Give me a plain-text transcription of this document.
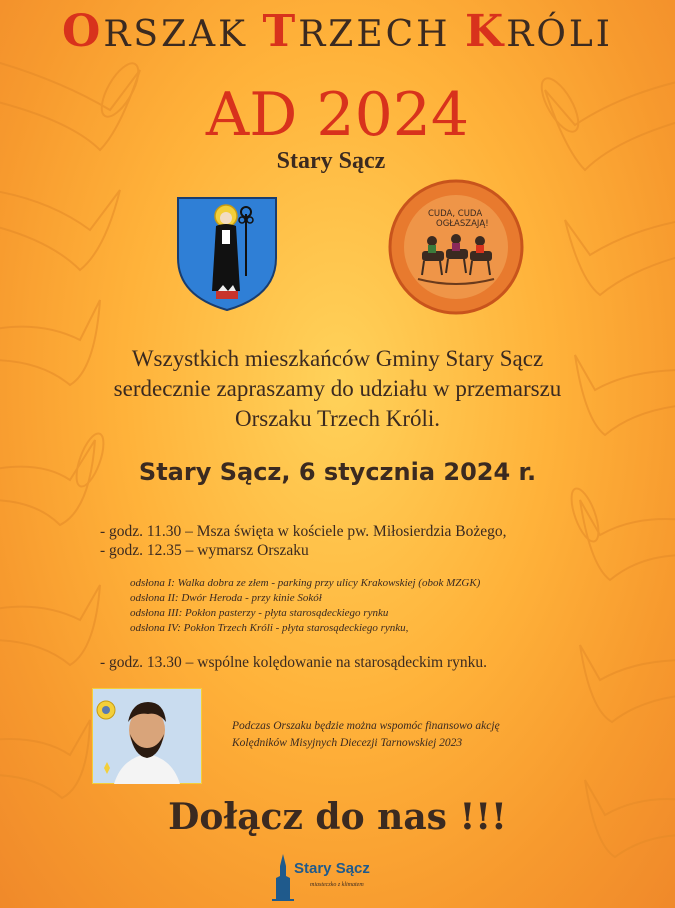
ORSZAK TRZECH KRÓLI
AD 2024
Stary Sącz
CUDA, CUDA
OGŁASZAJĄ!
Wszystkich mieszkańców Gminy Stary Sącz
serdecznie zapraszamy do udziału w przemarszu
Orszaku Trzech Króli.
Stary Sącz, 6 stycznia 2024 r.
- godz. 11.30 – Msza święta w kościele pw. Miłosierdzia Bożego,
- godz. 12.35 – wymarsz Orszaku
odsłona I: Walka dobra ze złem - parking przy ulicy Krakowskiej (obok MZGK)
odsłona II: Dwór Heroda - przy kinie Sokół
odsłona III: Pokłon pasterzy - płyta starosądeckiego rynku
odsłona IV: Pokłon Trzech Króli - płyta starosądeckiego rynku,
- godz. 13.30 – wspólne kolędowanie na starosądeckim rynku.
Podczas Orszaku będzie można wspomóc finansowo akcję
Kolędników Misyjnych Diecezji Tarnowskiej 2023
Dołącz do nas !!!
Stary Sącz
miasteczko z klimatem
